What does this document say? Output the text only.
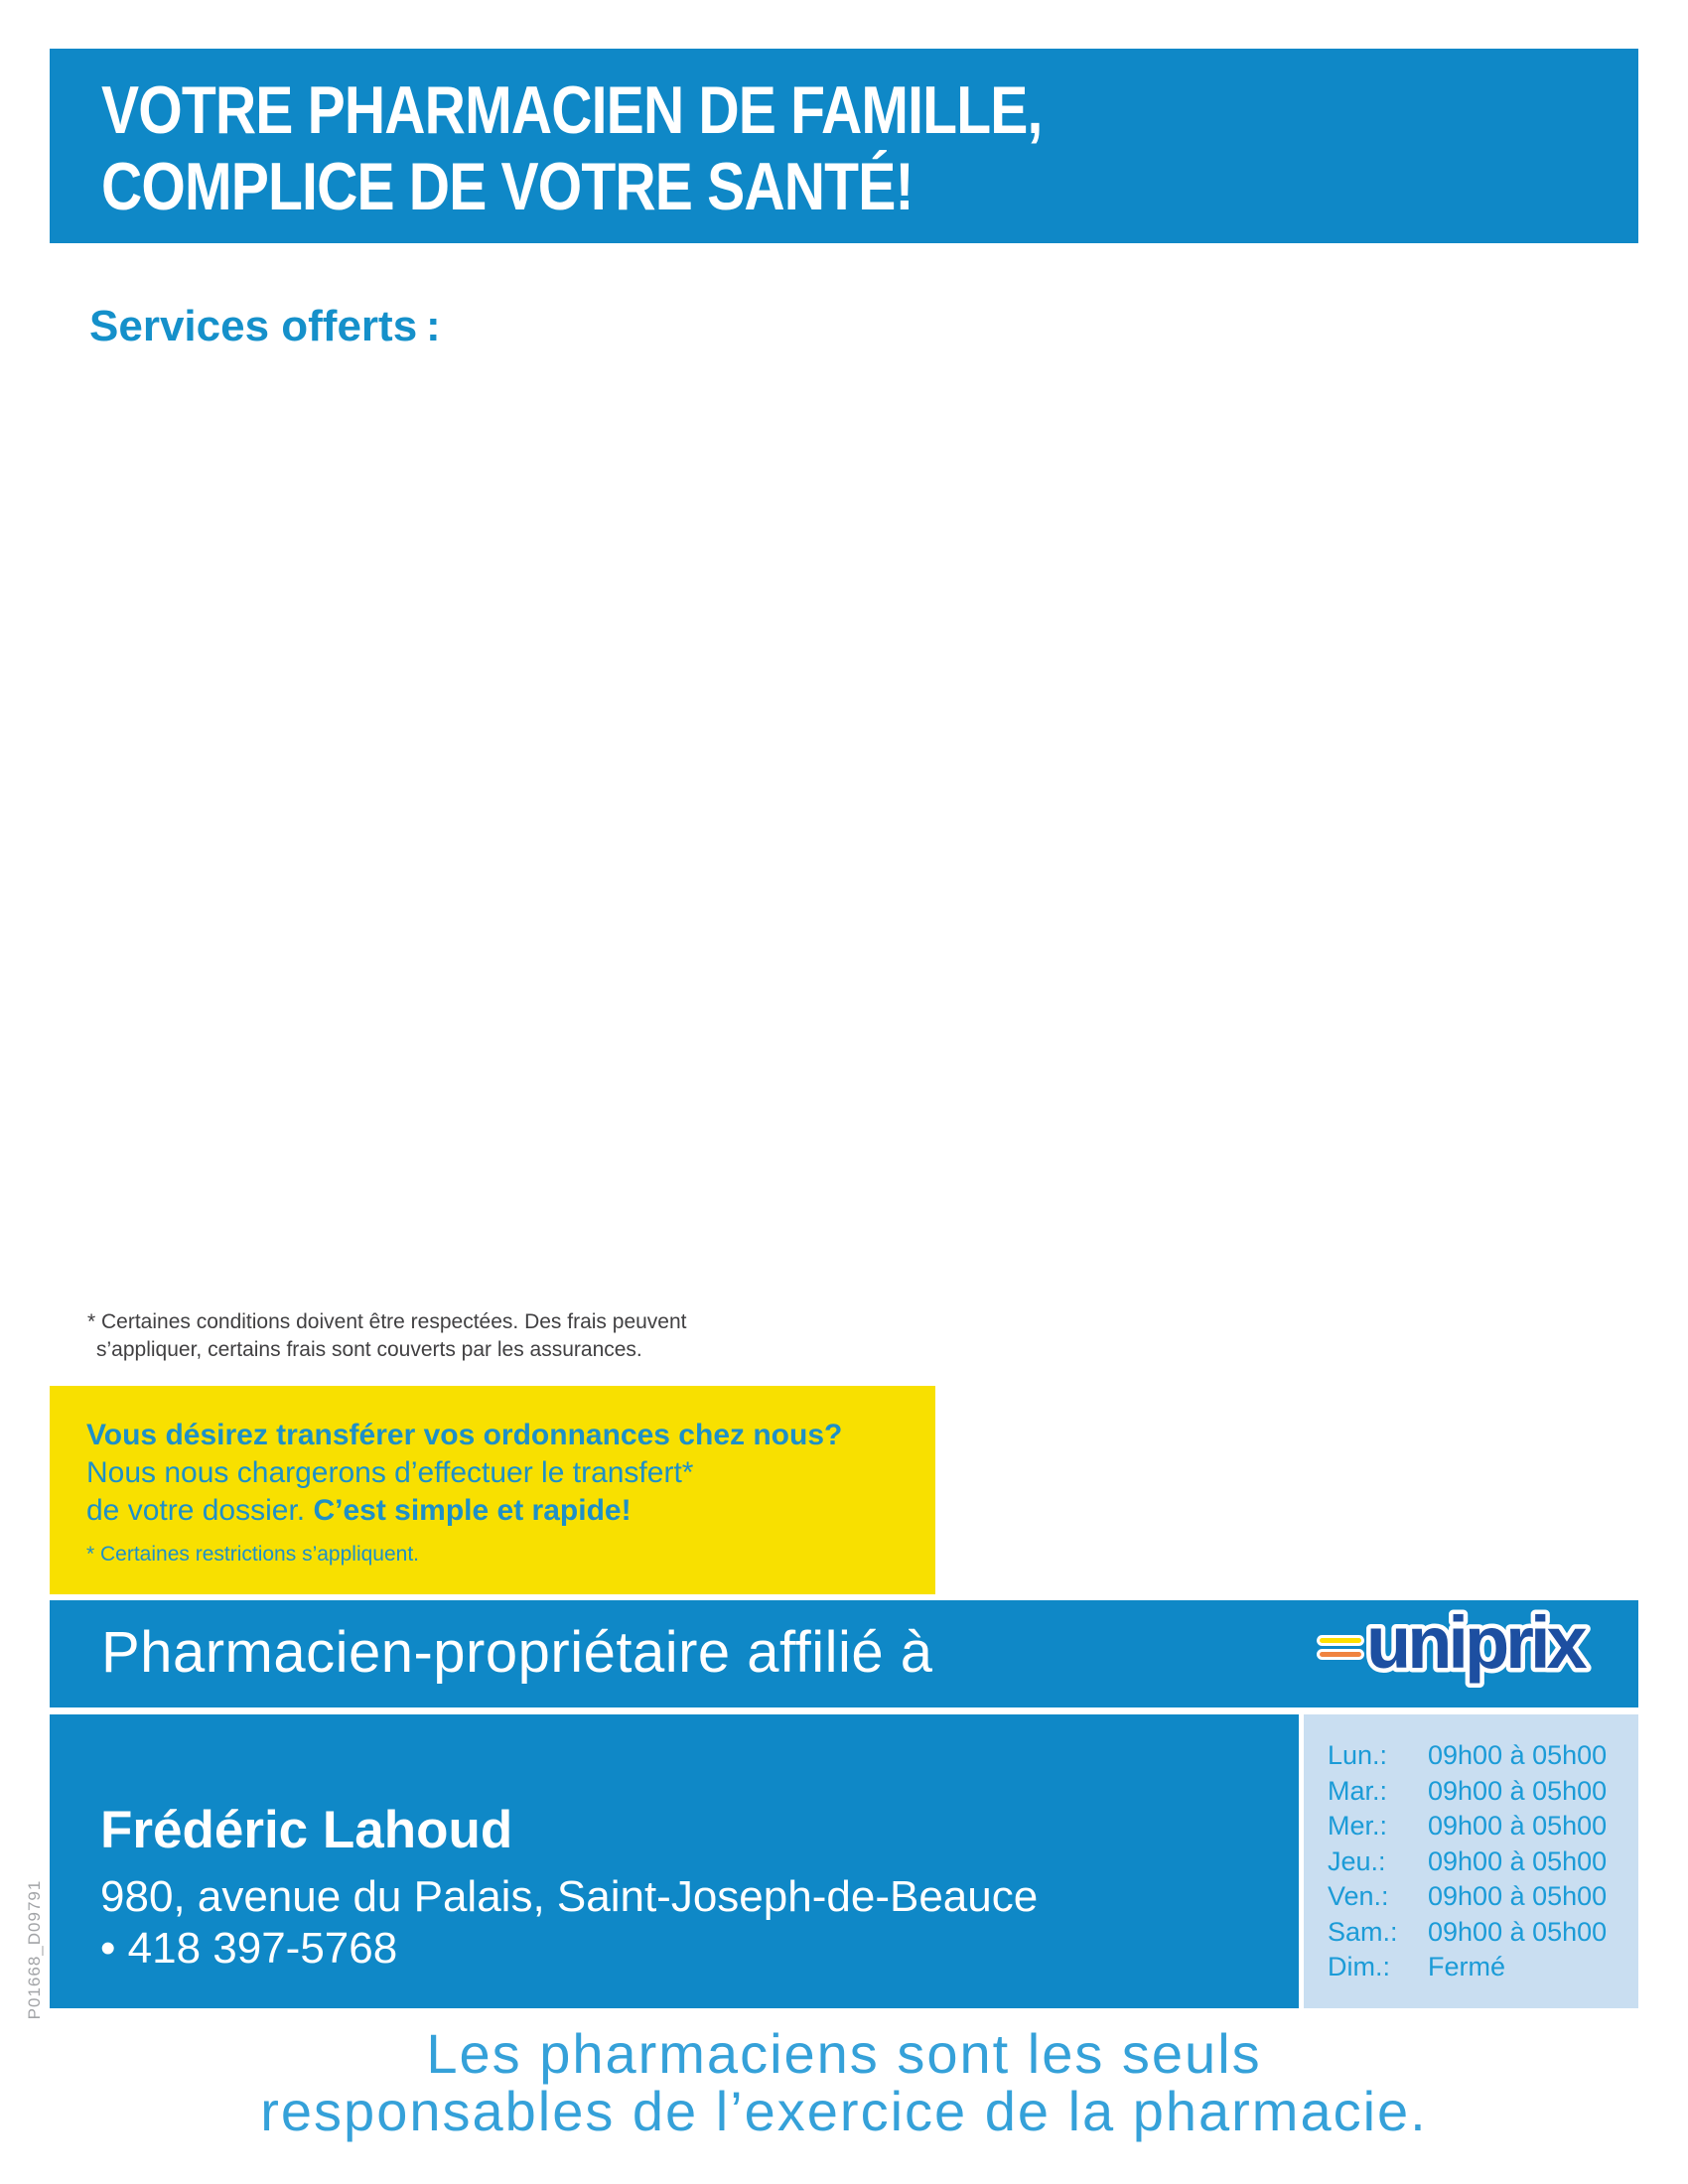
VOTRE PHARMACIEN DE FAMILLE,
COMPLICE DE VOTRE SANTÉ!
Services offerts :
* Certaines conditions doivent être respectées. Des frais peuvent
s’appliquer, certains frais sont couverts par les assurances.
Vous désirez transférer vos ordonnances chez nous?
Nous nous chargerons d’effectuer le transfert*
de votre dossier. C’est simple et rapide!
* Certaines restrictions s’appliquent.
Pharmacien-propriétaire affilié à	uniprix
Frédéric Lahoud
980, avenue du Palais, Saint-Joseph-de-Beauce
• 418 397-5768
Lun.:	09h00 à 05h00
Mar.:	09h00 à 05h00
Mer.:	09h00 à 05h00
Jeu.:	09h00 à 05h00
Ven.:	09h00 à 05h00
Sam.:	09h00 à 05h00
Dim.:	Fermé
Les pharmaciens sont les seuls
responsables de l’exercice de la pharmacie.
P01668_D09791
